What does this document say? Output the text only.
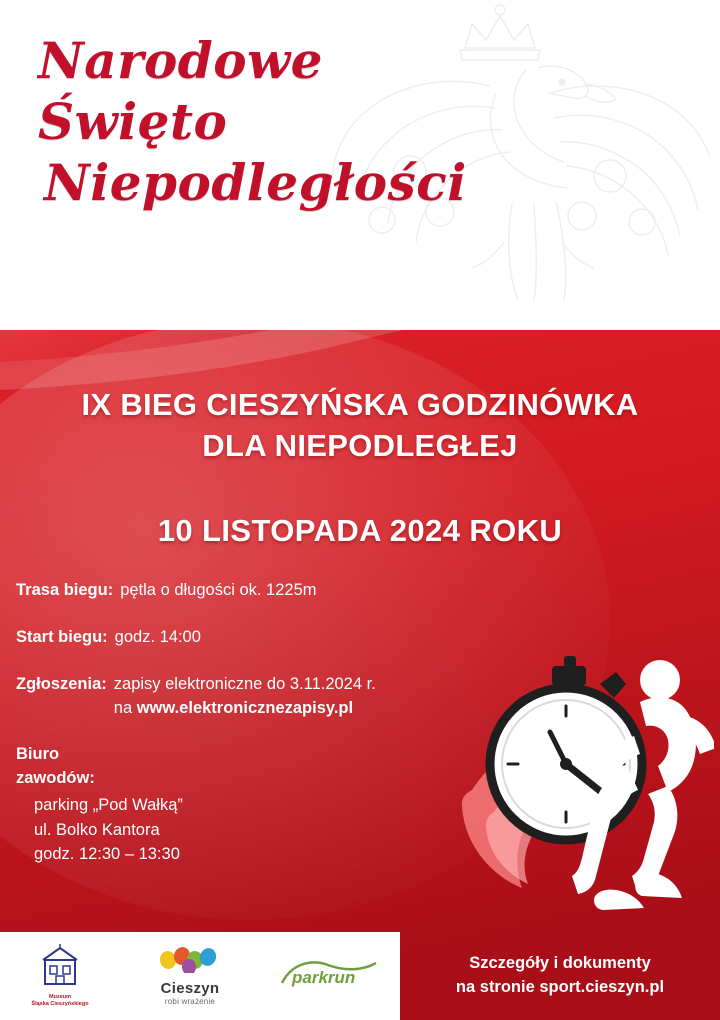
Narodowe Święto
Niepodległości
IX BIEG CIESZYŃSKA GODZINÓWKA
DLA NIEPODLEGŁEJ
10 LISTOPADA 2024 ROKU
Trasa biegu: pętla o długości ok. 1225m
Start biegu: godz. 14:00
Zgłoszenia: zapisy elektroniczne do 3.11.2024 r.
na www.elektronicznezapisy.pl
Biuro
zawodów:
parking „Pod Wałką”
ul. Bolko Kantora
godz. 12:30 – 13:30
Muzeum
Śląska Cieszyńskiego
Cieszyn
robi wrażenie
parkrun
Szczegóły i dokumenty
na stronie sport.cieszyn.pl
